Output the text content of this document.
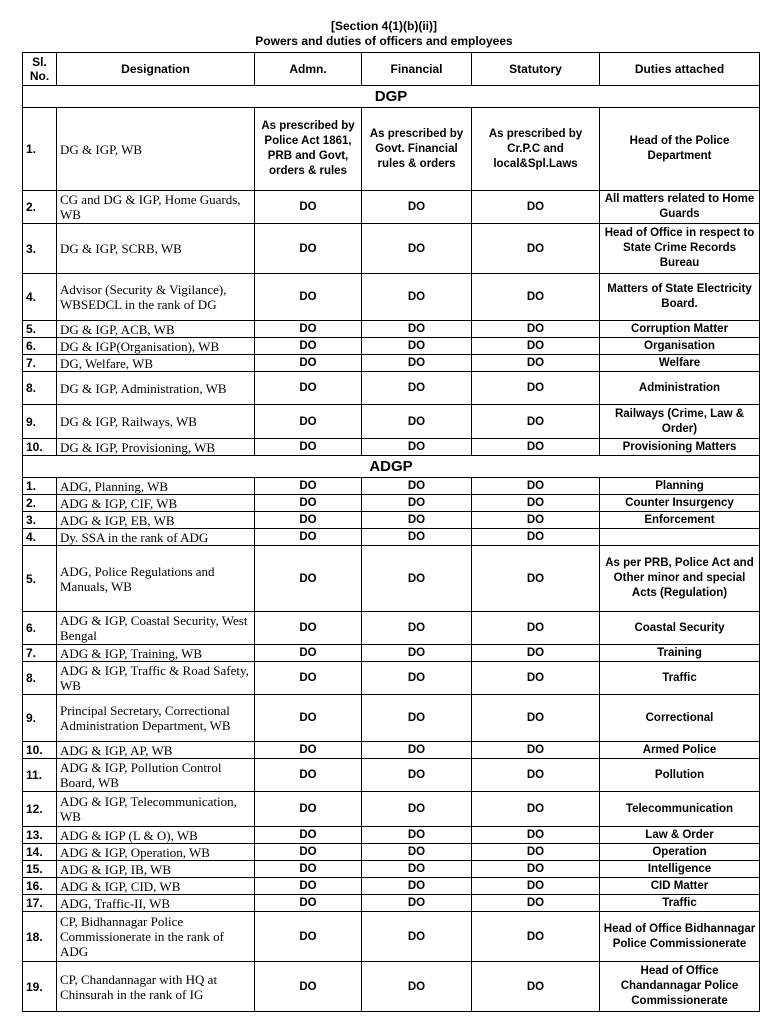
[Section 4(1)(b)(ii)]
Powers and duties of officers and employees
Sl. No.	Designation	Admn.	Financial	Statutory	Duties attached
DGP					
1.	DG & IGP, WB	As prescribed by Police Act 1861, PRB and Govt, orders & rules	As prescribed by Govt. Financial rules & orders	As prescribed by Cr.P.C and local&Spl.Laws	Head of the Police Department
2.	CG and DG & IGP, Home Guards, WB	DO	DO	DO	All matters related to Home Guards
3.	DG & IGP, SCRB, WB	DO	DO	DO	Head of Office in respect to State Crime Records Bureau
4.	Advisor (Security & Vigilance), WBSEDCL in the rank of DG	DO	DO	DO	Matters of State Electricity Board.
5.	DG & IGP, ACB, WB	DO	DO	DO	Corruption Matter
6.	DG & IGP(Organisation), WB	DO	DO	DO	Organisation
7.	DG, Welfare, WB	DO	DO	DO	Welfare
8.	DG & IGP, Administration, WB	DO	DO	DO	Administration
9.	DG & IGP, Railways, WB	DO	DO	DO	Railways (Crime, Law & Order)
10.	DG & IGP, Provisioning, WB	DO	DO	DO	Provisioning Matters
ADGP					
1.	ADG, Planning, WB	DO	DO	DO	Planning
2.	ADG & IGP, CIF, WB	DO	DO	DO	Counter Insurgency
3.	ADG & IGP, EB, WB	DO	DO	DO	Enforcement
4.	Dy. SSA in the rank of ADG	DO	DO	DO	
5.	ADG, Police Regulations and Manuals, WB	DO	DO	DO	As per PRB, Police Act and Other minor and special Acts (Regulation)
6.	ADG & IGP, Coastal Security, West Bengal	DO	DO	DO	Coastal Security
7.	ADG & IGP, Training, WB	DO	DO	DO	Training
8.	ADG & IGP, Traffic & Road Safety, WB	DO	DO	DO	Traffic
9.	Principal Secretary, Correctional Administration Department, WB	DO	DO	DO	Correctional
10.	ADG & IGP, AP, WB	DO	DO	DO	Armed Police
11.	ADG & IGP, Pollution Control Board, WB	DO	DO	DO	Pollution
12.	ADG & IGP, Telecommunication, WB	DO	DO	DO	Telecommunication
13.	ADG & IGP (L & O), WB	DO	DO	DO	Law & Order
14.	ADG & IGP, Operation, WB	DO	DO	DO	Operation
15.	ADG & IGP, IB, WB	DO	DO	DO	Intelligence
16.	ADG & IGP, CID, WB	DO	DO	DO	CID Matter
17.	ADG, Traffic-II, WB	DO	DO	DO	Traffic
18.	CP, Bidhannagar Police Commissionerate in the rank of ADG	DO	DO	DO	Head of Office Bidhannagar Police Commissionerate
19.	CP, Chandannagar with HQ at Chinsurah in the rank of IG	DO	DO	DO	Head of Office Chandannagar Police Commissionerate
